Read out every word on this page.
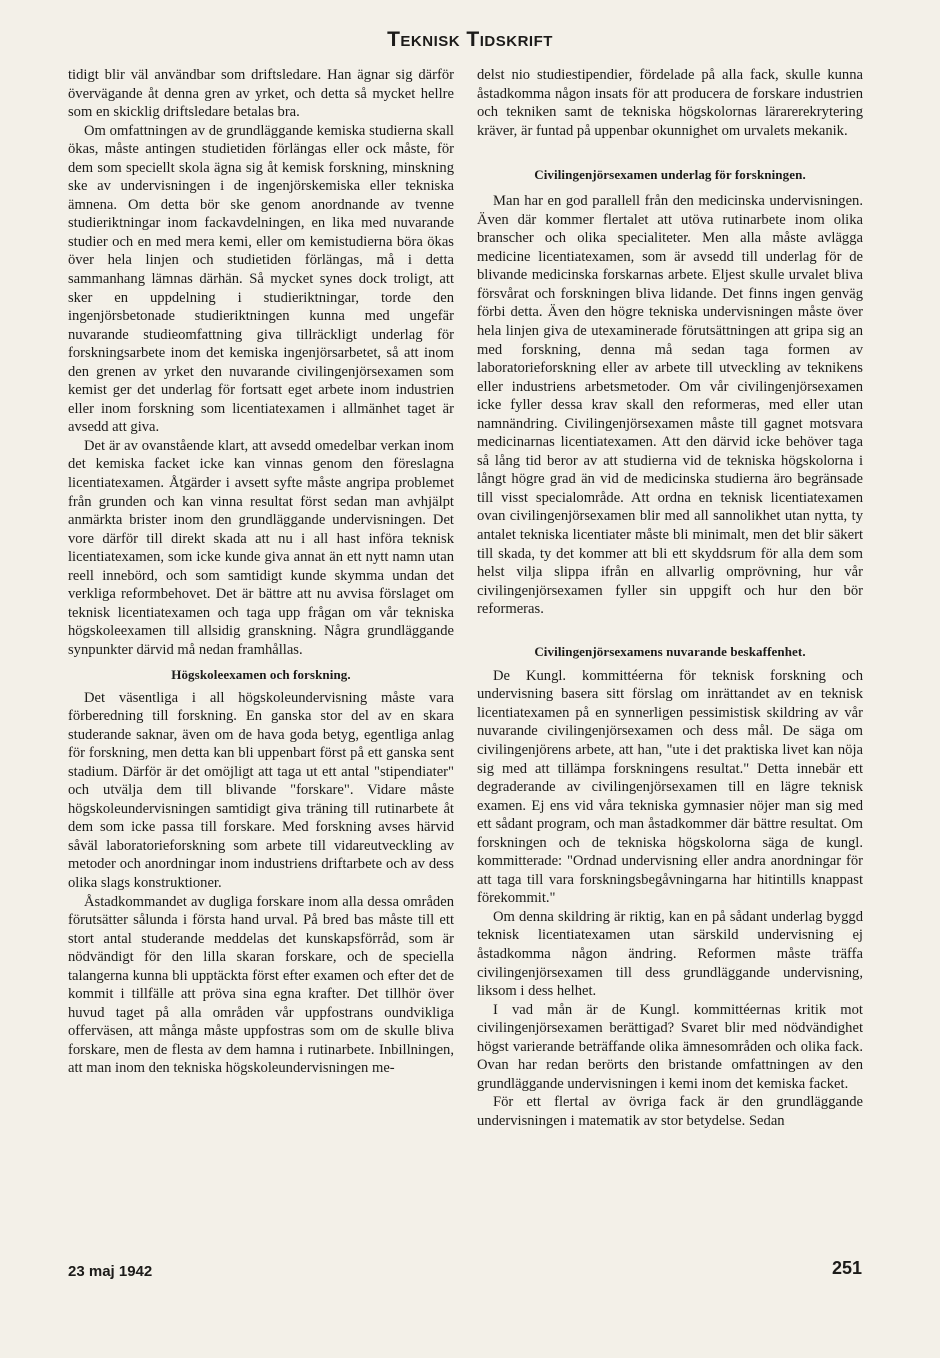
Teknisk Tidskrift

tidigt blir väl användbar som driftsledare. Han ägnar sig därför övervägande åt denna gren av yrket, och detta så mycket hellre som en skicklig driftsledare betalas bra.

Om omfattningen av de grundläggande kemiska studierna skall ökas, måste antingen studietiden förlängas eller ock måste, för dem som speciellt skola ägna sig åt kemisk forskning, minskning ske av undervisningen i de ingenjörskemiska eller tekniska ämnena. Om detta bör ske genom anordnande av tvenne studieriktningar inom fackavdelningen, en lika med nuvarande studier och en med mera kemi, eller om kemistudierna böra ökas över hela linjen och studietiden förlängas, må i detta sammanhang lämnas därhän. Så mycket synes dock troligt, att sker en uppdelning i studieriktningar, torde den ingenjörsbetonade studieriktningen kunna med ungefär nuvarande studieomfattning giva tillräckligt underlag för forskningsarbete inom det kemiska ingenjörsarbetet, så att inom den grenen av yrket den nuvarande civilingenjörsexamen som kemist ger det underlag för fortsatt eget arbete inom industrien eller inom forskning som licentiatexamen i allmänhet taget är avsedd att giva.

Det är av ovanstående klart, att avsedd omedelbar verkan inom det kemiska facket icke kan vinnas genom den föreslagna licentiatexamen. Åtgärder i avsett syfte måste angripa problemet från grunden och kan vinna resultat först sedan man avhjälpt anmärkta brister inom den grundläggande undervisningen. Det vore därför till direkt skada att nu i all hast införa teknisk licentiatexamen, som icke kunde giva annat än ett nytt namn utan reell innebörd, och som samtidigt kunde skymma undan det verkliga reformbehovet. Det är bättre att nu avvisa förslaget om teknisk licentiatexamen och taga upp frågan om vår tekniska högskoleexamen till allsidig granskning. Några grundläggande synpunkter därvid må nedan framhållas.

Högskoleexamen och forskning.

Det väsentliga i all högskoleundervisning måste vara förberedning till forskning. En ganska stor del av en skara studerande saknar, även om de hava goda betyg, egentliga anlag för forskning, men detta kan bli uppenbart först på ett ganska sent stadium. Därför är det omöjligt att taga ut ett antal "stipendiater" och utvälja dem till blivande "forskare". Vidare måste högskoleundervisningen samtidigt giva träning till rutinarbete åt dem som icke passa till forskare. Med forskning avses härvid såväl laboratorieforskning som arbete till vidareutveckling av metoder och anordningar inom industriens driftarbete och av dess olika slags konstruktioner.

Åstadkommandet av dugliga forskare inom alla dessa områden förutsätter sålunda i första hand urval. På bred bas måste till ett stort antal studerande meddelas det kunskapsförråd, som är nödvändigt för den lilla skaran forskare, och de speciella talangerna kunna bli upptäckta först efter examen och efter det de kommit i tillfälle att pröva sina egna krafter. Det tillhör över huvud taget på alla områden vår uppfostrans oundvikliga offerväsen, att många måste uppfostras som om de skulle bliva forskare, men de flesta av dem hamna i rutinarbete. Inbillningen, att man inom den tekniska högskoleundervisningen me-

delst nio studiestipendier, fördelade på alla fack, skulle kunna åstadkomma någon insats för att producera de forskare industrien och tekniken samt de tekniska högskolornas lärarerekrytering kräver, är funtad på uppenbar okunnighet om urvalets mekanik.

Civilingenjörsexamen underlag för forskningen.

Man har en god parallell från den medicinska undervisningen. Även där kommer flertalet att utöva rutinarbete inom olika branscher och olika specialiteter. Men alla måste avlägga medicine licentiatexamen, som är avsedd till underlag för de blivande medicinska forskarnas arbete. Eljest skulle urvalet bliva försvårat och forskningen bliva lidande. Det finns ingen genväg förbi detta. Även den högre tekniska undervisningen måste över hela linjen giva de utexaminerade förutsättningen att gripa sig an med forskning, denna må sedan taga formen av laboratorieforskning eller av arbete till utveckling av teknikens eller industriens arbetsmetoder. Om vår civilingenjörsexamen icke fyller dessa krav skall den reformeras, med eller utan namnändring. Civilingenjörsexamen måste till gagnet motsvara medicinarnas licentiatexamen. Att den därvid icke behöver taga så lång tid beror av att studierna vid de tekniska högskolorna i långt högre grad än vid de medicinska studierna äro begränsade till visst specialområde. Att ordna en teknisk licentiatexamen ovan civilingenjörsexamen blir med all sannolikhet utan nytta, ty antalet tekniska licentiater måste bli minimalt, men det blir säkert till skada, ty det kommer att bli ett skyddsrum för alla dem som helst vilja slippa ifrån en allvarlig omprövning, hur vår civilingenjörsexamen fyller sin uppgift och hur den bör reformeras.

Civilingenjörsexamens nuvarande beskaffenhet.

De Kungl. kommittéerna för teknisk forskning och undervisning basera sitt förslag om inrättandet av en teknisk licentiatexamen på en synnerligen pessimistisk skildring av vår nuvarande civilingenjörsexamen och dess mål. De säga om civilingenjörens arbete, att han, "ute i det praktiska livet kan nöja sig med att tillämpa forskningens resultat." Detta innebär ett degraderande av civilingenjörsexamen till en lägre teknisk examen. Ej ens vid våra tekniska gymnasier nöjer man sig med ett sådant program, och man åstadkommer där bättre resultat. Om forskningen och de tekniska högskolorna säga de kungl. kommitterade: "Ordnad undervisning eller andra anordningar för att taga till vara forskningsbegåvningarna har hitintills knappast förekommit."

Om denna skildring är riktig, kan en på sådant underlag byggd teknisk licentiatexamen utan särskild undervisning ej åstadkomma någon ändring. Reformen måste träffa civilingenjörsexamen till dess grundläggande undervisning, liksom i dess helhet.

I vad mån är de Kungl. kommittéernas kritik mot civilingenjörsexamen berättigad? Svaret blir med nödvändighet högst varierande beträffande olika ämnesområden och olika fack. Ovan har redan berörts den bristande omfattningen av den grundläggande undervisningen i kemi inom det kemiska facket.

För ett flertal av övriga fack är den grundläggande undervisningen i matematik av stor betydelse. Sedan

23 maj 1942	251
